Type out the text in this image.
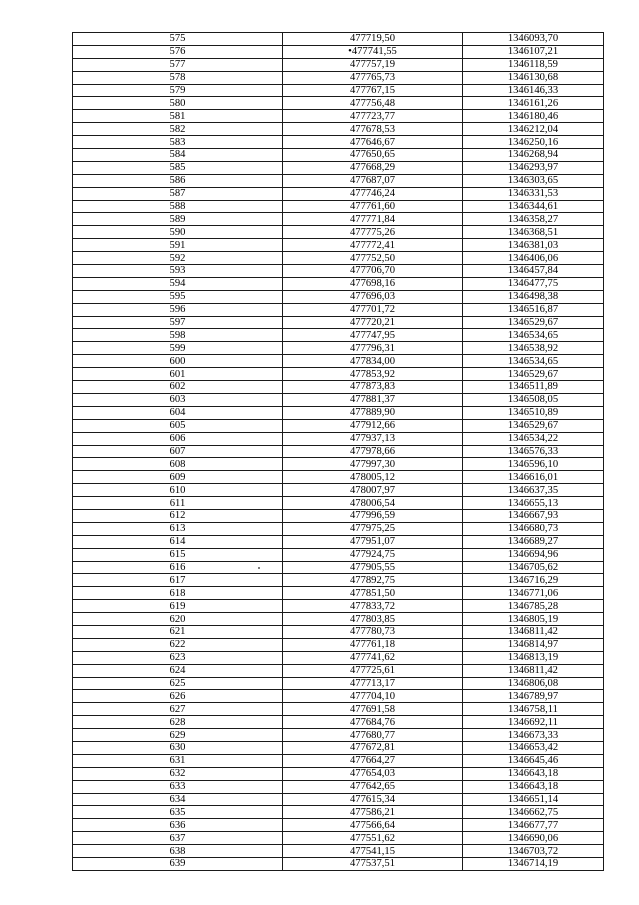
575	477719,50	1346093,70
576	•477741,55	1346107,21
577	477757,19	1346118,59
578	477765,73	1346130,68
579	477767,15	1346146,33
580	477756,48	1346161,26
581	477723,77	1346180,46
582	477678,53	1346212,04
583	477646,67	1346250,16
584	477650,65	1346268,94
585	477668,29	1346293,97
586	477687,07	1346303,65
587	477746,24	1346331,53
588	477761,60	1346344,61
589	477771,84	1346358,27
590	477775,26	1346368,51
591	477772,41	1346381,03
592	477752,50	1346406,06
593	477706,70	1346457,84
594	477698,16	1346477,75
595	477696,03	1346498,38
596	477701,72	1346516,87
597	477720,21	1346529,67
598	477747,95	1346534,65
599	477796,31	1346538,92
600	477834,00	1346534,65
601	477853,92	1346529,67
602	477873,83	1346511,89
603	477881,37	1346508,05
604	477889,90	1346510,89
605	477912,66	1346529,67
606	477937,13	1346534,22
607	477978,66	1346576,33
608	477997,30	1346596,10
609	478005,12	1346616,01
610	478007,97	1346637,35
611	478006,54	1346655,13
612	477996,59	1346667,93
613	477975,25	1346680,73
614	477951,07	1346689,27
615	477924,75	1346694,96
616	477905,55	1346705,62
617	477892,75	1346716,29
618	477851,50	1346771,06
619	477833,72	1346785,28
620	477803,85	1346805,19
621	477780,73	1346811,42
622	477761,18	1346814,97
623	477741,62	1346813,19
624	477725,61	1346811,42
625	477713,17	1346806,08
626	477704,10	1346789,97
627	477691,58	1346758,11
628	477684,76	1346692,11
629	477680,77	1346673,33
630	477672,81	1346653,42
631	477664,27	1346645,46
632	477654,03	1346643,18
633	477642,65	1346643,18
634	477615,34	1346651,14
635	477586,21	1346662,75
636	477566,64	1346677,77
637	477551,62	1346690,06
638	477541,15	1346703,72
639	477537,51	1346714,19
